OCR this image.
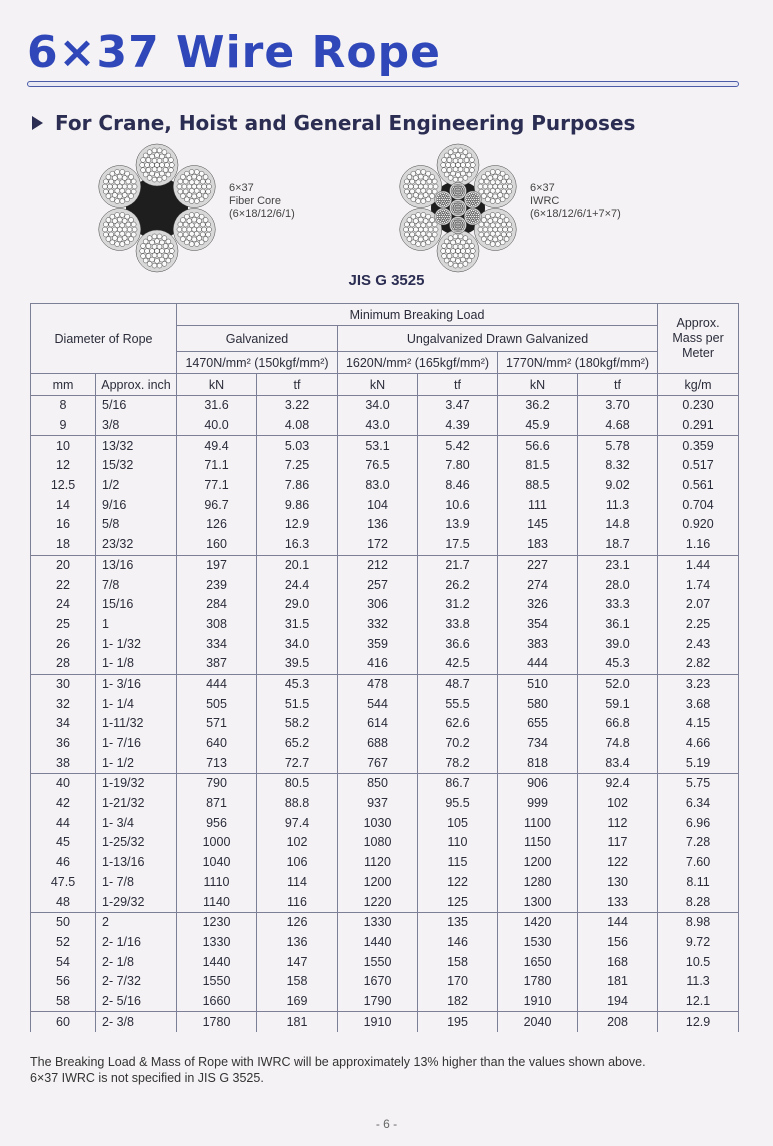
6×37 Wire Rope
For Crane, Hoist and General Engineering Purposes
6×37
Fiber Core
(6×18/12/6/1)
6×37
IWRC
(6×18/12/6/1+7×7)
JIS G 3525
Diameter of Rope		Minimum Breaking Load						Approx. Mass per Meter
		Galvanized		Ungalvanized Drawn Galvanized				
		1470N/mm² (150kgf/mm²)		1620N/mm² (165kgf/mm²)		1770N/mm² (180kgf/mm²)		
mm	Approx. inch	kN	tf	kN	tf	kN	tf	kg/m
8	5/16	31.6	3.22	34.0	3.47	36.2	3.70	0.230
9	3/8	40.0	4.08	43.0	4.39	45.9	4.68	0.291
10	13/32	49.4	5.03	53.1	5.42	56.6	5.78	0.359
12	15/32	71.1	7.25	76.5	7.80	81.5	8.32	0.517
12.5	1/2	77.1	7.86	83.0	8.46	88.5	9.02	0.561
14	9/16	96.7	9.86	104	10.6	111	11.3	0.704
16	5/8	126	12.9	136	13.9	145	14.8	0.920
18	23/32	160	16.3	172	17.5	183	18.7	1.16
20	13/16	197	20.1	212	21.7	227	23.1	1.44
22	7/8	239	24.4	257	26.2	274	28.0	1.74
24	15/16	284	29.0	306	31.2	326	33.3	2.07
25	1	308	31.5	332	33.8	354	36.1	2.25
26	1- 1/32	334	34.0	359	36.6	383	39.0	2.43
28	1- 1/8	387	39.5	416	42.5	444	45.3	2.82
30	1- 3/16	444	45.3	478	48.7	510	52.0	3.23
32	1- 1/4	505	51.5	544	55.5	580	59.1	3.68
34	1-11/32	571	58.2	614	62.6	655	66.8	4.15
36	1- 7/16	640	65.2	688	70.2	734	74.8	4.66
38	1- 1/2	713	72.7	767	78.2	818	83.4	5.19
40	1-19/32	790	80.5	850	86.7	906	92.4	5.75
42	1-21/32	871	88.8	937	95.5	999	102	6.34
44	1- 3/4	956	97.4	1030	105	1100	112	6.96
45	1-25/32	1000	102	1080	110	1150	117	7.28
46	1-13/16	1040	106	1120	115	1200	122	7.60
47.5	1- 7/8	1110	114	1200	122	1280	130	8.11
48	1-29/32	1140	116	1220	125	1300	133	8.28
50	2	1230	126	1330	135	1420	144	8.98
52	2- 1/16	1330	136	1440	146	1530	156	9.72
54	2- 1/8	1440	147	1550	158	1650	168	10.5
56	2- 7/32	1550	158	1670	170	1780	181	11.3
58	2- 5/16	1660	169	1790	182	1910	194	12.1
60	2- 3/8	1780	181	1910	195	2040	208	12.9
The Breaking Load & Mass of Rope with IWRC will be approximately 13% higher than the values shown above.
6×37 IWRC is not specified in JIS G 3525.
- 6 -
